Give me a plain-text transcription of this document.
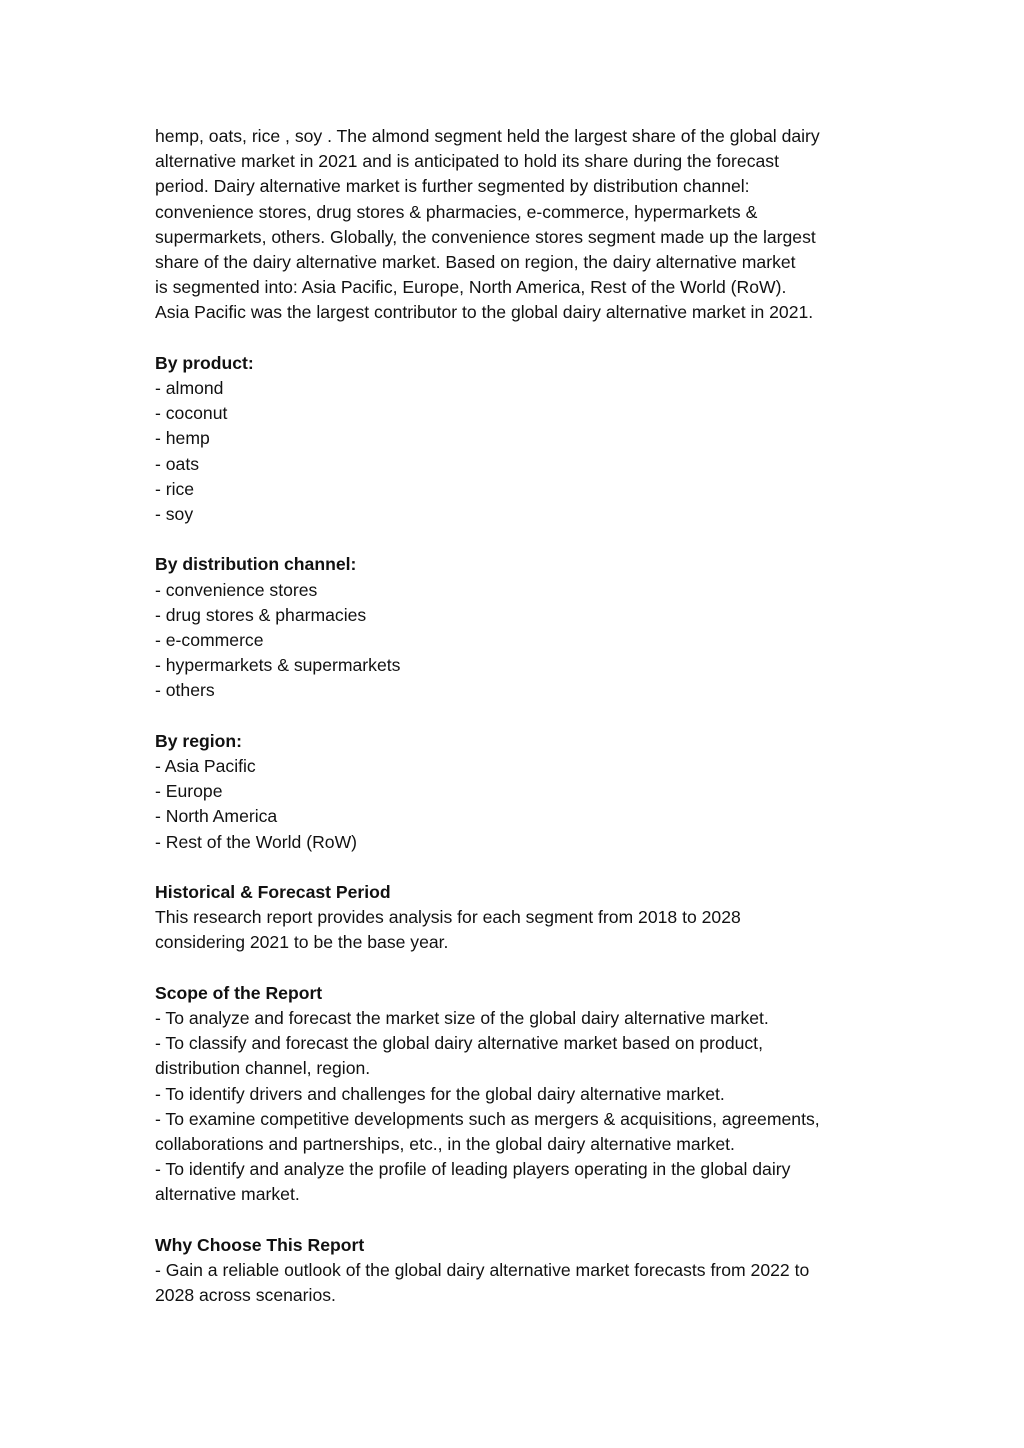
hemp, oats, rice , soy . The almond segment held the largest share of the global dairy
alternative market in 2021 and is anticipated to hold its share during the forecast
period. Dairy alternative market is further segmented by distribution channel:
convenience stores, drug stores & pharmacies, e-commerce, hypermarkets &
supermarkets, others. Globally, the convenience stores segment made up the largest
share of the dairy alternative market. Based on region, the dairy alternative market
is segmented into: Asia Pacific, Europe, North America, Rest of the World (RoW).
Asia Pacific was the largest contributor to the global dairy alternative market in 2021.
By product:
- almond
- coconut
- hemp
- oats
- rice
- soy
By distribution channel:
- convenience stores
- drug stores & pharmacies
- e-commerce
- hypermarkets & supermarkets
- others
By region:
- Asia Pacific
- Europe
- North America
- Rest of the World (RoW)
Historical & Forecast Period
This research report provides analysis for each segment from 2018 to 2028
considering 2021 to be the base year.
Scope of the Report
- To analyze and forecast the market size of the global dairy alternative market.
- To classify and forecast the global dairy alternative market based on product,
distribution channel, region.
- To identify drivers and challenges for the global dairy alternative market.
- To examine competitive developments such as mergers & acquisitions, agreements,
collaborations and partnerships, etc., in the global dairy alternative market.
- To identify and analyze the profile of leading players operating in the global dairy
alternative market.
Why Choose This Report
- Gain a reliable outlook of the global dairy alternative market forecasts from 2022 to
2028 across scenarios.
